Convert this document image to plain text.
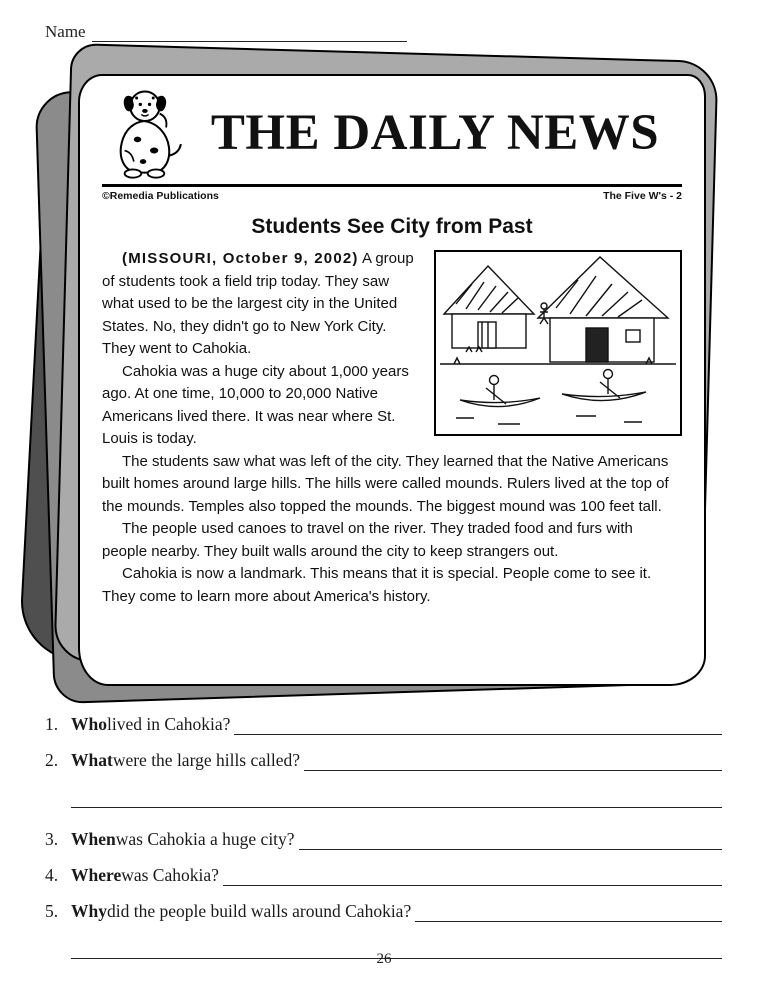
Name
THE DAILY NEWS
©Remedia Publications	The Five W's - 2
Students See City from Past

(MISSOURI, October 9, 2002) A group of students took a field trip today. They saw what used to be the largest city in the United States. No, they didn't go to New York City. They went to Cahokia.

Cahokia was a huge city about 1,000 years ago. At one time, 10,000 to 20,000 Native Americans lived there. It was near where St. Louis is today.

The students saw what was left of the city. They learned that the Native Americans built homes around large hills. The hills were called mounds. Rulers lived at the top of the mounds. Temples also topped the mounds. The biggest mound was 100 feet tall.

The people used canoes to travel on the river. They traded food and furs with people nearby. They built walls around the city to keep strangers out.

Cahokia is now a landmark. This means that it is special. People come to see it. They come to learn more about America's history.

1. Who lived in Cahokia?
2. What were the large hills called?
3. When was Cahokia a huge city?
4. Where was Cahokia?
5. Why did the people build walls around Cahokia?
26
